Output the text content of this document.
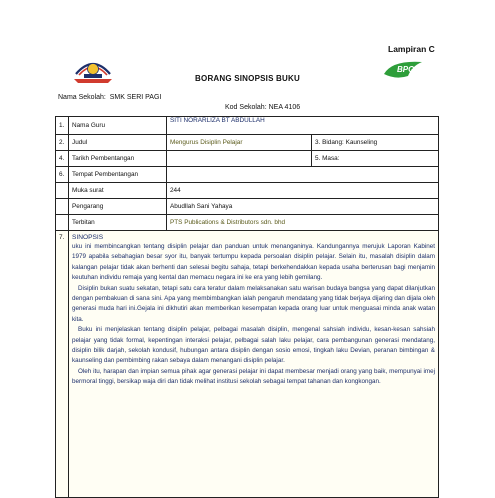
Lampiran C
BPG
BORANG SINOPSIS BUKU
Nama Sekolah: SMK SERI PAGI
Kod Sekolah: NEA 4106
1.	Nama Guru	SITI NORARLIZA BT ABDULLAH	
2.	Judul	Mengurus Disiplin Pelajar	3. Bidang: Kaunseling
4.	Tarikh Pembentangan		5. Masa:
6.	Tempat Pembentangan		
	Muka surat	244	
	Pengarang	Abudllah Sani Yahaya	
	Terbitan	PTS Publications & Distributors sdn. bhd	
7.	SINOPSIS

uku ini membincangkan tentang disiplin pelajar dan panduan untuk menanganinya. Kandungannya merujuk Laporan Kabinet 1979 apabila sebahagian besar syor itu, banyak tertumpu kepada persoalan disiplin pelajar. Selain itu, masalah disiplin dalam kalangan pelajar tidak akan berhenti dan selesai begitu sahaja, tetapi berkehendakkan kepada usaha berterusan bagi menjamin keutuhan individu remaja yang kental dan memacu negara ini ke era yang lebih gemilang.

Disiplin bukan suatu sekatan, tetapi satu cara teratur dalam melaksanakan satu warisan budaya bangsa yang dapat dilanjutkan dengan pembakuan di sana sini. Apa yang membimbangkan ialah pengaruh mendatang yang tidak berjaya dijaring dan dijala oleh generasi muda hari ini.Gejala ini dikhutiri akan memberikan kesempatan kepada orang luar untuk menguasai minda anak watan kita.

Buku ini menjelaskan tentang disiplin pelajar, pelbagai masalah disiplin, mengenal sahsiah individu, kesan-kesan sahsiah pelajar yang tidak formal, kepentingan interaksi pelajar, pelbagai salah laku pelajar, cara pembangunan generasi mendatang, disiplin bilik darjah, sekolah kondusif, hubungan antara disiplin dengan sosio emosi, tingkah laku Devian, peranan bimbingan & kaunseling dan pembimbing rakan sebaya dalam menangani disiplin pelajar.

Oleh itu, harapan dan impian semua pihak agar generasi pelajar ini dapat membesar menjadi orang yang baik, mempunyai imej bermoral tinggi, bersikap waja diri dan tidak melihat institusi sekolah sebagai tempat tahanan dan kongkongan.		
